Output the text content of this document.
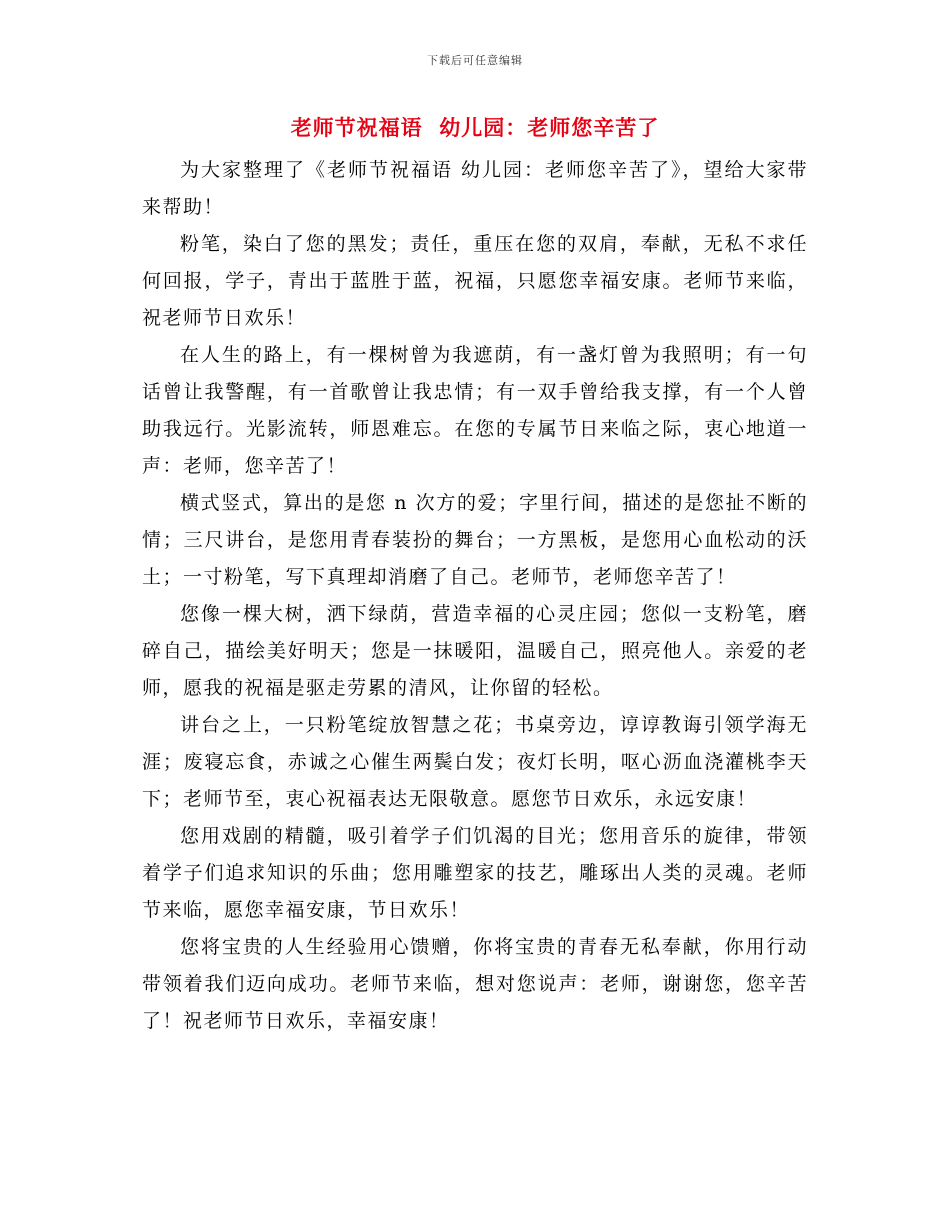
下载后可任意编辑
老师节祝福语  幼儿园：老师您辛苦了

为大家整理了《老师节祝福语 幼儿园：老师您辛苦了》，望给大家带来帮助！

粉笔，染白了您的黑发；责任，重压在您的双肩，奉献，无私不求任何回报，学子，青出于蓝胜于蓝，祝福，只愿您幸福安康。老师节来临，祝老师节日欢乐！

在人生的路上，有一棵树曾为我遮荫，有一盏灯曾为我照明；有一句话曾让我警醒，有一首歌曾让我忠情；有一双手曾给我支撑，有一个人曾助我远行。光影流转，师恩难忘。在您的专属节日来临之际，衷心地道一声：老师，您辛苦了！

横式竖式，算出的是您 n 次方的爱；字里行间，描述的是您扯不断的情；三尺讲台，是您用青春装扮的舞台；一方黑板，是您用心血松动的沃土；一寸粉笔，写下真理却消磨了自己。老师节，老师您辛苦了！

您像一棵大树，洒下绿荫，营造幸福的心灵庄园；您似一支粉笔，磨碎自己，描绘美好明天；您是一抹暖阳，温暖自己，照亮他人。亲爱的老师，愿我的祝福是驱走劳累的清风，让你留的轻松。

讲台之上，一只粉笔绽放智慧之花；书桌旁边，谆谆教诲引领学海无涯；废寝忘食，赤诚之心催生两鬓白发；夜灯长明，呕心沥血浇灌桃李天下；老师节至，衷心祝福表达无限敬意。愿您节日欢乐，永远安康！

您用戏剧的精髓，吸引着学子们饥渴的目光；您用音乐的旋律，带领着学子们追求知识的乐曲；您用雕塑家的技艺，雕琢出人类的灵魂。老师节来临，愿您幸福安康，节日欢乐！

您将宝贵的人生经验用心馈赠，你将宝贵的青春无私奉献，你用行动带领着我们迈向成功。老师节来临，想对您说声：老师，谢谢您，您辛苦了！祝老师节日欢乐，幸福安康！
